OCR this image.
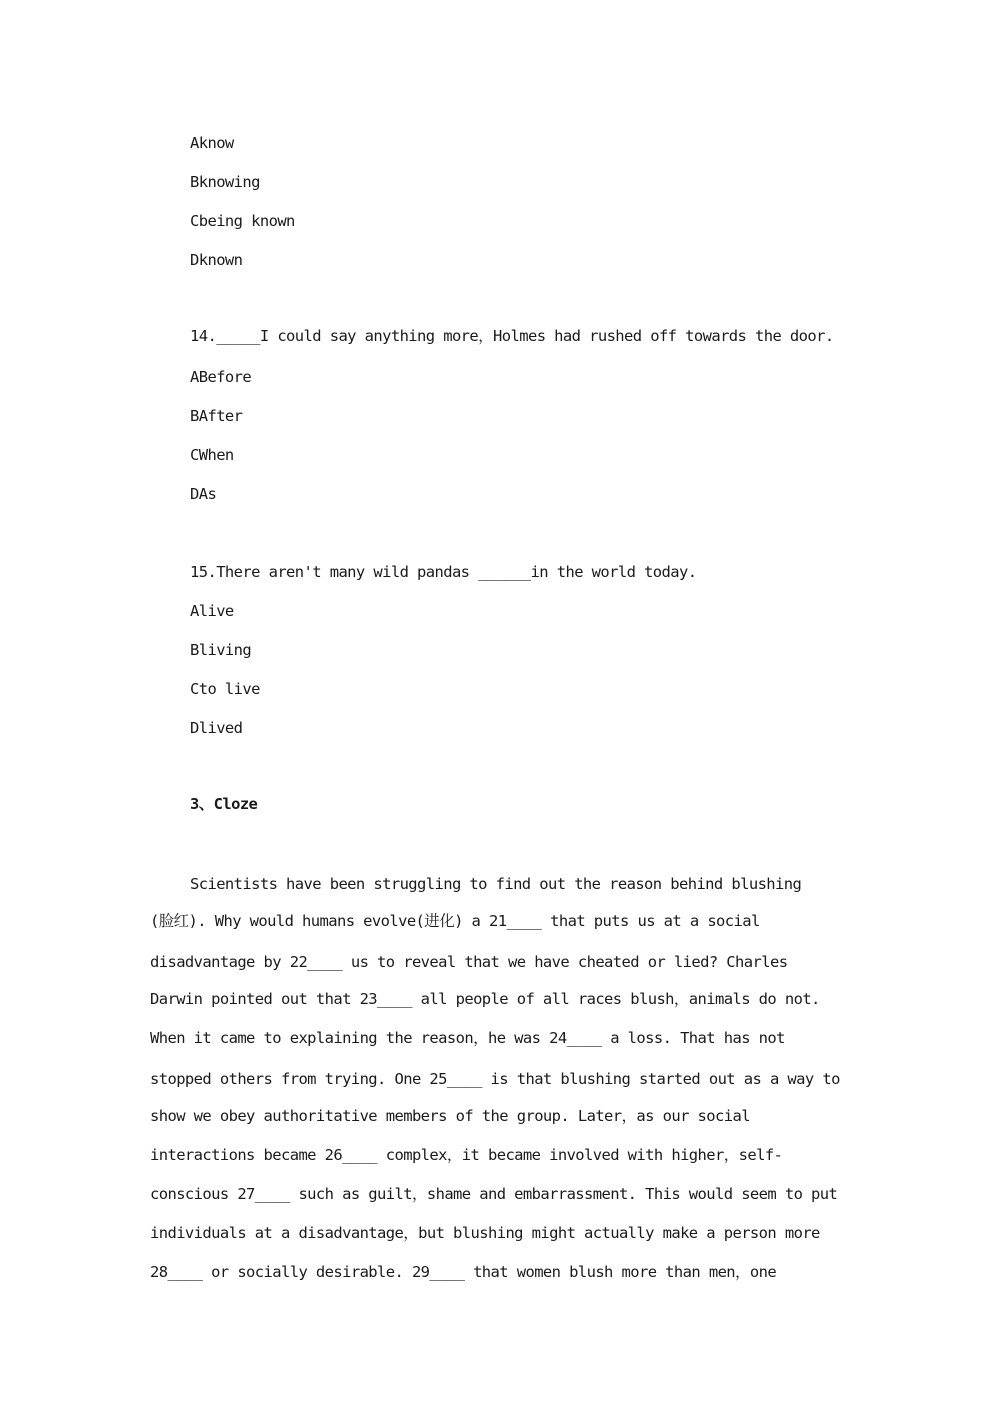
Aknow

Bknowing

Cbeing known

Dknown

14._____I could say anything more，Holmes had rushed off towards the door.

ABefore

BAfter

CWhen

DAs

15.There aren't many wild pandas ______in the world today.

Alive

Bliving

Cto live

Dlived

3、Cloze

Scientists have been struggling to find out the reason behind blushing

(脸红). Why would humans evolve(进化) a 21____ that puts us at a social

disadvantage by 22____ us to reveal that we have cheated or lied? Charles

Darwin pointed out that 23____ all people of all races blush，animals do not.

When it came to explaining the reason，he was 24____ a loss. That has not

stopped others from trying. One 25____ is that blushing started out as a way to

show we obey authoritative members of the group. Later，as our social

interactions became 26____ complex，it became involved with higher，self-

conscious 27____ such as guilt，shame and embarrassment. This would seem to put

individuals at a disadvantage，but blushing might actually make a person more

28____ or socially desirable. 29____ that women blush more than men，one
